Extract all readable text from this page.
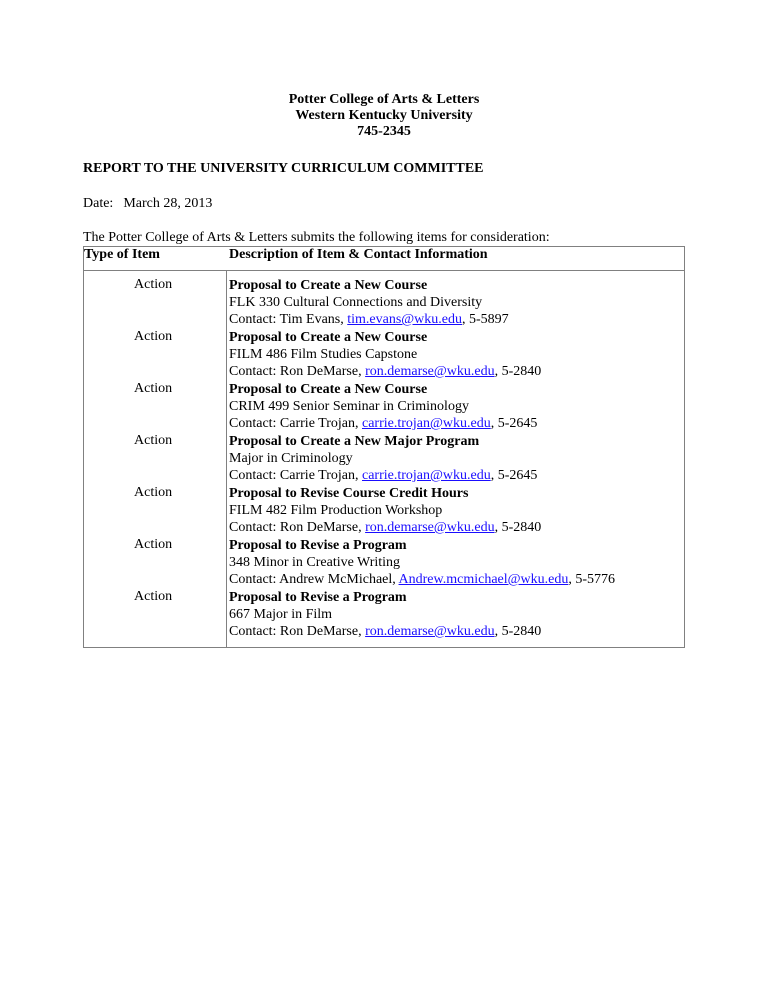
Potter College of Arts & Letters
Western Kentucky University
745-2345
REPORT TO THE UNIVERSITY CURRICULUM COMMITTEE
Date: March 28, 2013
The Potter College of Arts & Letters submits the following items for consideration:
Type of Item	Description of Item & Contact Information
Action
Action
Action
Action
Action
Action
Action
Proposal to Create a New Course
FLK 330 Cultural Connections and Diversity
Contact: Tim Evans, tim.evans@wku.edu, 5-5897
Proposal to Create a New Course
FILM 486 Film Studies Capstone
Contact: Ron DeMarse, ron.demarse@wku.edu, 5-2840
Proposal to Create a New Course
CRIM 499 Senior Seminar in Criminology
Contact: Carrie Trojan, carrie.trojan@wku.edu, 5-2645
Proposal to Create a New Major Program
Major in Criminology
Contact: Carrie Trojan, carrie.trojan@wku.edu, 5-2645
Proposal to Revise Course Credit Hours
FILM 482 Film Production Workshop
Contact: Ron DeMarse, ron.demarse@wku.edu, 5-2840
Proposal to Revise a Program
348 Minor in Creative Writing
Contact: Andrew McMichael, Andrew.mcmichael@wku.edu, 5-5776
Proposal to Revise a Program
667 Major in Film
Contact: Ron DeMarse, ron.demarse@wku.edu, 5-2840
